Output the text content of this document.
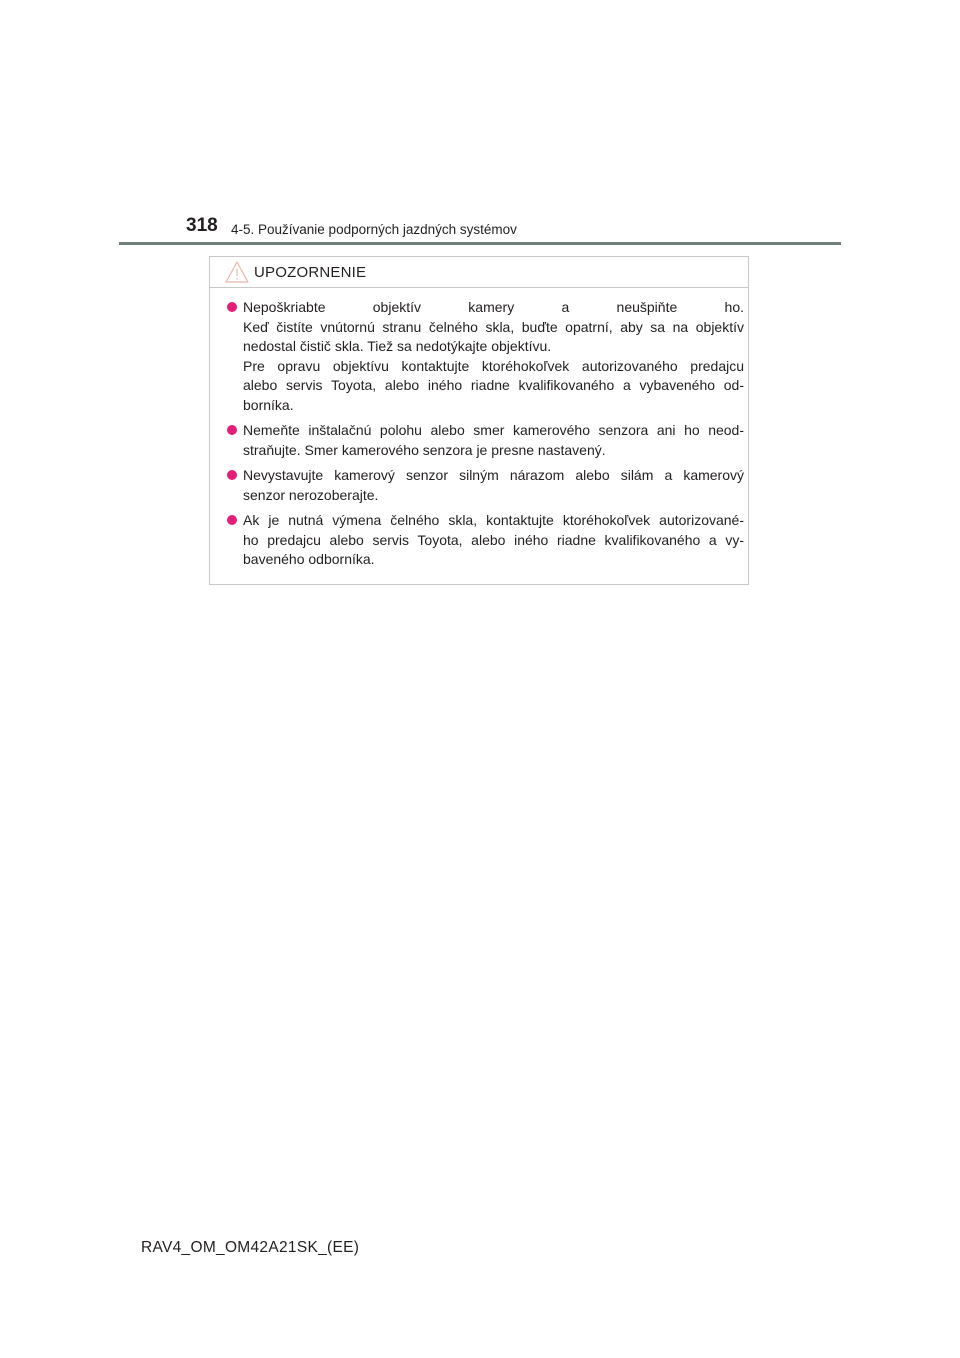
318 4-5. Používanie podporných jazdných systémov
UPOZORNENIE
Nepoškriabte objektív kamery a neušpiňte ho.
Keď čistíte vnútornú stranu čelného skla, buďte opatrní, aby sa na objektív
nedostal čistič skla. Tiež sa nedotýkajte objektívu.
Pre opravu objektívu kontaktujte ktoréhokoľvek autorizovaného predajcu
alebo servis Toyota, alebo iného riadne kvalifikovaného a vybaveného od-
borníka.
Nemeňte inštalačnú polohu alebo smer kamerového senzora ani ho neod-
straňujte. Smer kamerového senzora je presne nastavený.
Nevystavujte kamerový senzor silným nárazom alebo silám a kamerový
senzor nerozoberajte.
Ak je nutná výmena čelného skla, kontaktujte ktoréhokoľvek autorizované-
ho predajcu alebo servis Toyota, alebo iného riadne kvalifikovaného a vy-
baveného odborníka.
RAV4_OM_OM42A21SK_(EE)
